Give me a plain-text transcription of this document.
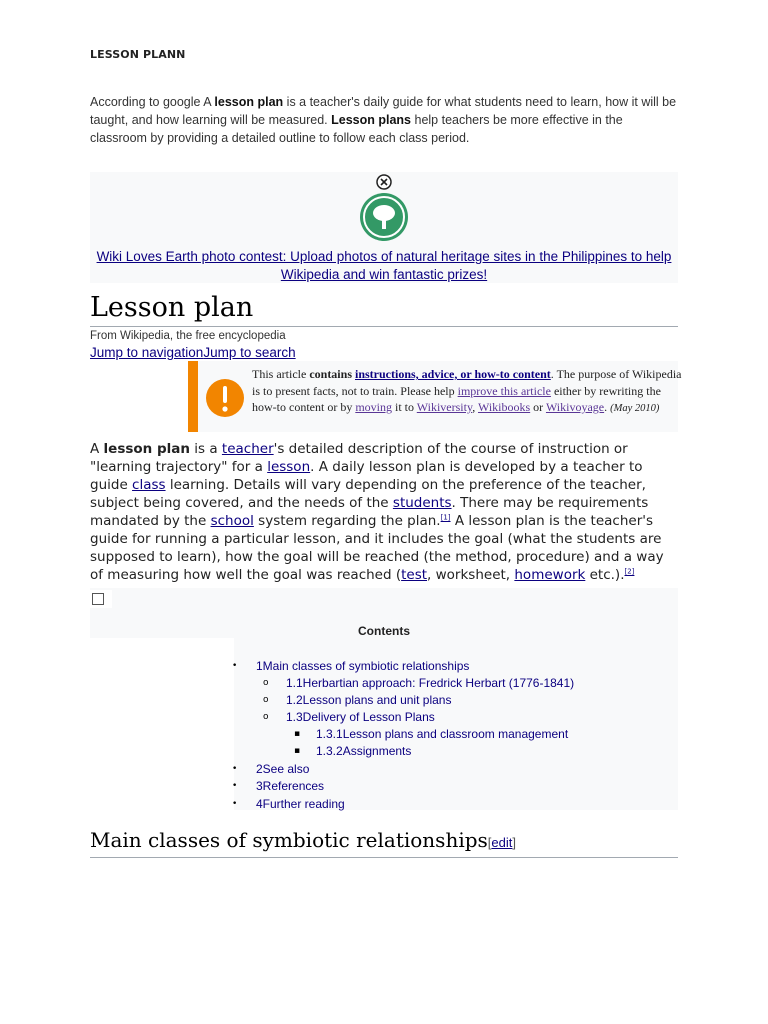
LESSON PLANN
According to google A lesson plan is a teacher's daily guide for what students need to learn, how it will be taught, and how learning will be measured. Lesson plans help teachers be more effective in the classroom by providing a detailed outline to follow each class period.
Wiki Loves Earth photo contest: Upload photos of natural heritage sites in the Philippines to help Wikipedia and win fantastic prizes!
Lesson plan
From Wikipedia, the free encyclopedia
Jump to navigationJump to search
This article contains instructions, advice, or how-to content. The purpose of Wikipedia is to present facts, not to train. Please help improve this article either by rewriting the how-to content or by moving it to Wikiversity, Wikibooks or Wikivoyage. (May 2010)
A lesson plan is a teacher's detailed description of the course of instruction or "learning trajectory" for a lesson. A daily lesson plan is developed by a teacher to guide class learning. Details will vary depending on the preference of the teacher, subject being covered, and the needs of the students. There may be requirements mandated by the school system regarding the plan.[1] A lesson plan is the teacher's guide for running a particular lesson, and it includes the goal (what the students are supposed to learn), how the goal will be reached (the method, procedure) and a way of measuring how well the goal was reached (test, worksheet, homework etc.).[2]
Contents
• 1Main classes of symbiotic relationships
o 1.1Herbartian approach: Fredrick Herbart (1776-1841)
o 1.2Lesson plans and unit plans
o 1.3Delivery of Lesson Plans
▪ 1.3.1Lesson plans and classroom management
▪ 1.3.2Assignments
• 2See also
• 3References
• 4Further reading
Main classes of symbiotic relationships[edit]
